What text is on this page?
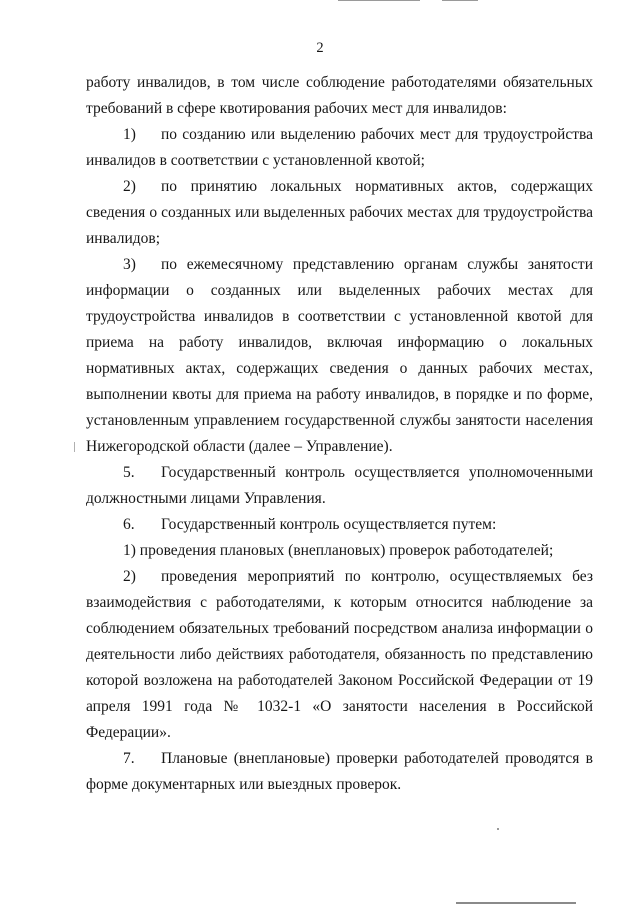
2

работу инвалидов, в том числе соблюдение работодателями обязательных требований в сфере квотирования рабочих мест для инвалидов:

1) по созданию или выделению рабочих мест для трудоустройства инвалидов в соответствии с установленной квотой;

2) по принятию локальных нормативных актов, содержащих сведения о созданных или выделенных рабочих местах для трудоустройства инвалидов;

3) по ежемесячному представлению органам службы занятости информации о созданных или выделенных рабочих местах для трудоустройства инвалидов в соответствии с установленной квотой для приема на работу инвалидов, включая информацию о локальных нормативных актах, содержащих сведения о данных рабочих местах, выполнении квоты для приема на работу инвалидов, в порядке и по форме, установленным управлением государственной службы занятости населения Нижегородской области (далее – Управление).

5. Государственный контроль осуществляется уполномоченными должностными лицами Управления.

6. Государственный контроль осуществляется путем:

1) проведения плановых (внеплановых) проверок работодателей;

2) проведения мероприятий по контролю, осуществляемых без взаимодействия с работодателями, к которым относится наблюдение за соблюдением обязательных требований посредством анализа информации о деятельности либо действиях работодателя, обязанность по представлению которой возложена на работодателей Законом Российской Федерации от 19 апреля 1991 года № 1032-1 «О занятости населения в Российской Федерации».

7. Плановые (внеплановые) проверки работодателей проводятся в форме документарных или выездных проверок.
